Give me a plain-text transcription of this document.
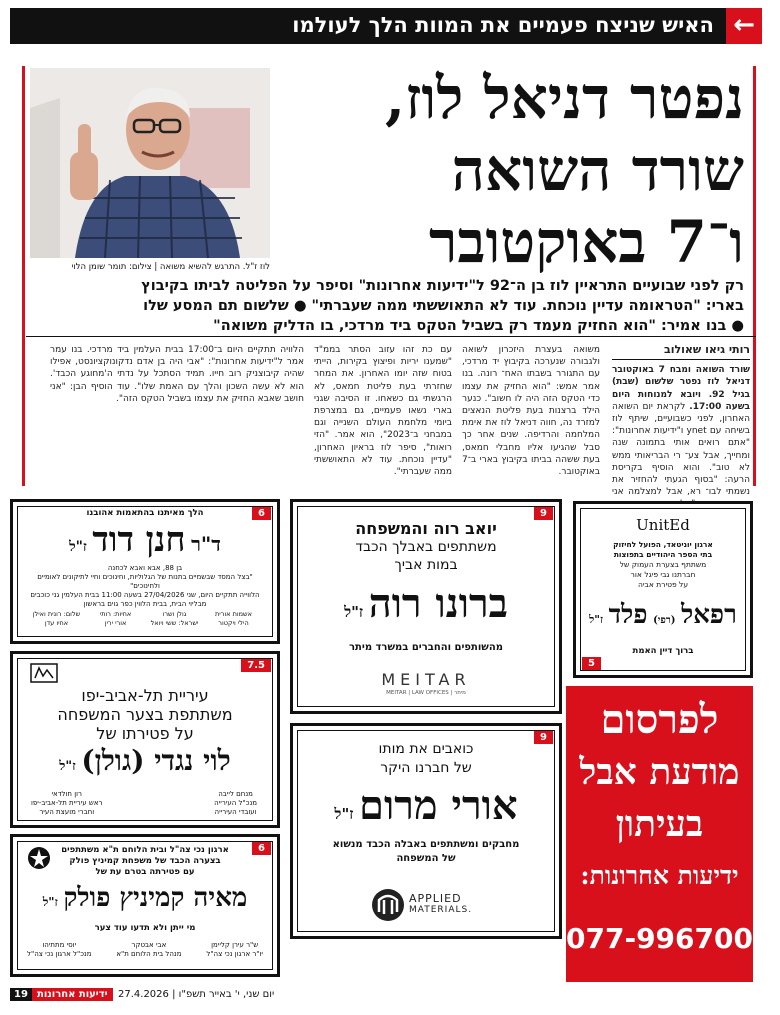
←
האיש שניצח פעמיים את המוות הלך לעולמו
נפטר דניאל לוז,
שורד השואה
ו־7 באוקטובר
לוז ז"ל. התרגש להשיא משואה | צילום: תומר שומן הלוי
רק לפני שבועיים התראיין לוז בן ה־92 ל"ידיעות אחרונות" וסיפר על הפליטה לביתו בקיבוץ
בארי: "הטראומה עדיין נוכחת. עוד לא התאוששתי ממה שעברתי" ● שלשום תם המסע שלו
● בנו אמיר: "הוא החזיק מעמד רק בשביל הטקס ביד מרדכי, בו הדליק משואה"
רותי גיאו שאולוב
שורד השואה ומבח 7 באוקטובר דניאל לוז נפטר שלשום (שבת) בגיל 92. ויובא למנוחות היום בשעה 17:00. לקראת יום השואה האחרון, לפני כשבועיים, שיתף לוז בשיחה עם ynet ו"ידיעות אחרונות": "אתם רואים אותי בתמונה שנה ומחייך, אבל צע־ רי הבריאותי ממש לא טוב". והוא הוסיף בקריסת הרעה: "בסוף הגעתי להחזיר את נשמתי לבו־ רא, אבל למצלמה אני
משואה בעצרת היזכרון לשואה ולגבורה שנערכה בקיבוץ יד מרדכי, עם התגורר בשבתו האח־ רונה. בנו אמר אמש: "הוא החזיק את עצמו כדי הטקס הזה היה לו חשוב". כנער הילד ברצנות בעת פליטת הנאצים למזרד נה, חווה דניאל לוז את אימת המלחמה והרדיפה. שנים אחר כך סבל שהגיעו אליו מחבלי חמאס, בעת ששהה בביתו בקיבוץ בארי ב־7 באוקטובר.
עם כת זהו עזוב הסתר בממ"ד "שמענו יריות ופיצוץ בקירות, הייתי בטוח שזה יומו האחרון. את המחר שחזרתי בעת פליטת חמאס, לא הרגשתי גם כשאחו. זו הסיבה שגני בארי נשאו פעמיים, גם במצרפת ביומי מלחמת העולם השנייה וגם במבחני ב־2023", הוא אמר. "הזי רואות", סיפר לוז בראיון האחרון, "עדיין נוכחת. עוד לא התאוששתי ממה שעברתי".
הלוויה תתקיים היום ב־17:00 בבית העלמין ביד מרדכי. בנו עמר אמר ל"ידיעות אחרונות": "אבי היה בן אדם נדקונוקציונסט, אפילו שהיה קיבוצניק רוב חייו. תמיד הסתכל על נדתי ה'מחוגע הכבד'. הוא לא עשה השכון והלך עם האמת שלו". עוד הוסיף הבן: "אני חושב שאבא החזיק את עצמו בשביל הטקס הזה".
6
הלך מאיתנו בהתאמות אהובנו
ד"ר חנן דוד ז"ל
בן 88, אבא ואבא לכחנה
"בצל המסד שבשמיים בתנות של הגלוליות, וחינוכים וחיי לתיקונים לאומיים ולחינוכים"
הלווייה תתקיים היום, שני 27/04/2026 בשעה 11:00 בבית העלמין גני כוכבים
מבליוי הבית, בבית הלווין כפר גוים בראשון
אשמות אורית
גולן ושרו
אחיות: רותי
שלום: רונית ואילן
הילי ויקטור
ישראל: ששי ויואל
אורי ירין
אחיו עדן
7.5
עיריית תל-אביב-יפו
משתתפת בצער המשפחה
על פטירתו של
לוי נגדי (גולן) ז"ל
מנחם לייבה
מנכ"ל העירייה
ועובדי העירייה
רון חולדאי
ראש עיריית תל-אביב-יפו
וחברי מועצת העיר
6
ארגון נכי צה"ל ובית הלוחם ת"א משתתפים
בצערה הכבד של משפחת קמיניץ פולק
עם פטירתה בטרם עת של
מאיה קמיניץ פולק ז"ל
מי ייתן ולא תדעו עוד צער
ש"ר עירן קליימן
יו"ר ארגון נכי צה"ל
אבי אבטקר
מנהל בית הלוחם ת"א
יוסי מתתיהו
מנכ"ל ארגון נכי צה"ל
9
יואב רוה והמשפחה
משתתפים באבלך הכבד
במות אביך
ברונו רוה ז"ל
מהשותפים והחברים במשרד מיתר
MEITAR
MEITAR | LAW OFFICES | מיתר
9
כואבים את מותו
של חברנו היקר
אורי מרום ז"ל
מחבקים ומשתתפים באבלה הכבד מנשוא
של המשפחה
APPLIED
MATERIALS.
5
UnitEd
ארגון יוניטאד, הפועל לחיזוק
בתי הספר היהודיים בתפוצות
משתתף בצערת העמוק של
חברתנו גבי פיגל אור
על פטירת אביה
רפאל (רפי) פלד ז"ל
ברוך דיין האמת
לפרסום
מודעת אבל
בעיתון
ידיעות אחרונות:
077-9967000
19 ידיעות אחרונות	יום שני, י' באייר תשפ"ו | 27.4.2026
